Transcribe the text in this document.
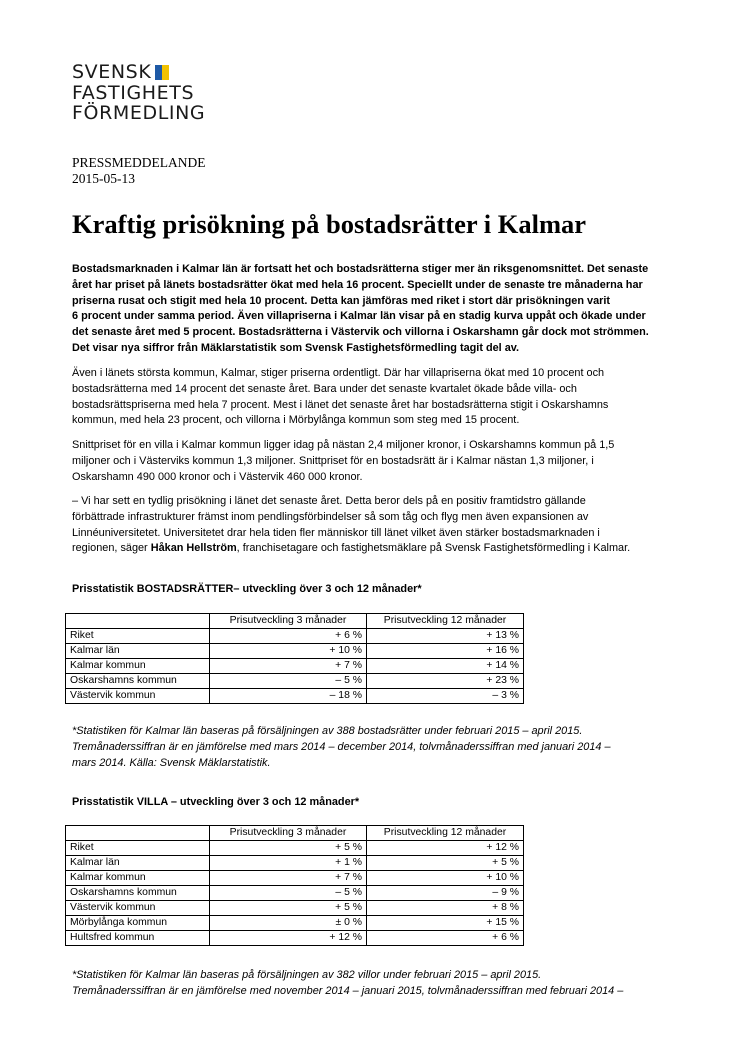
SVENSK
FASTIGHETS
FÖRMEDLING
PRESSMEDDELANDE
2015-05-13
Kraftig prisökning på bostadsrätter i Kalmar
Bostadsmarknaden i Kalmar län är fortsatt het och bostadsrätterna stiger mer än riksgenomsnittet. Det senaste
året har priset på länets bostadsrätter ökat med hela 16 procent. Speciellt under de senaste tre månaderna har
priserna rusat och stigit med hela 10 procent. Detta kan jämföras med riket i stort där prisökningen varit
6 procent under samma period. Även villapriserna i Kalmar län visar på en stadig kurva uppåt och ökade under
det senaste året med 5 procent. Bostadsrätterna i Västervik och villorna i Oskarshamn går dock mot strömmen.
Det visar nya siffror från Mäklarstatistik som Svensk Fastighetsförmedling tagit del av.
Även i länets största kommun, Kalmar, stiger priserna ordentligt. Där har villapriserna ökat med 10 procent och
bostadsrätterna med 14 procent det senaste året. Bara under det senaste kvartalet ökade både villa- och
bostadsrättspriserna med hela 7 procent. Mest i länet det senaste året har bostadsrätterna stigit i Oskarshamns
kommun, med hela 23 procent, och villorna i Mörbylånga kommun som steg med 15 procent.
Snittpriset för en villa i Kalmar kommun ligger idag på nästan 2,4 miljoner kronor, i Oskarshamns kommun på 1,5
miljoner och i Västerviks kommun 1,3 miljoner. Snittpriset för en bostadsrätt är i Kalmar nästan 1,3 miljoner, i
Oskarshamn 490 000 kronor och i Västervik 460 000 kronor.
– Vi har sett en tydlig prisökning i länet det senaste året. Detta beror dels på en positiv framtidstro gällande
förbättrade infrastrukturer främst inom pendlingsförbindelser så som tåg och flyg men även expansionen av
Linnéuniversitetet. Universitetet drar hela tiden fler människor till länet vilket även stärker bostadsmarknaden i
regionen, säger Håkan Hellström, franchisetagare och fastighetsmäklare på Svensk Fastighetsförmedling i Kalmar.

Prisstatistik BOSTADSRÄTTER– utveckling över 3 och 12 månader*

	Prisutveckling 3 månader	Prisutveckling 12 månader
Riket	+ 6 %	+ 13 %
Kalmar län	+ 10 %	+ 16 %
Kalmar kommun	+ 7 %	+ 14 %
Oskarshamns kommun	– 5 %	+ 23 %
Västervik kommun	– 18 %	– 3 %
*Statistiken för Kalmar län baseras på försäljningen av 388 bostadsrätter under februari 2015 – april 2015.
Tremånaderssiffran är en jämförelse med mars 2014 – december 2014, tolvmånaderssiffran med januari 2014 –
mars 2014. Källa: Svensk Mäklarstatistik.

Prisstatistik VILLA – utveckling över 3 och 12 månader*

	Prisutveckling 3 månader	Prisutveckling 12 månader
Riket	+ 5 %	+ 12 %
Kalmar län	+ 1 %	+ 5 %
Kalmar kommun	+ 7 %	+ 10 %
Oskarshamns kommun	– 5 %	– 9 %
Västervik kommun	+ 5 %	+ 8 %
Mörbylånga kommun	± 0 %	+ 15 %
Hultsfred kommun	+ 12 %	+ 6 %
*Statistiken för Kalmar län baseras på försäljningen av 382 villor under februari 2015 – april 2015.
Tremånaderssiffran är en jämförelse med november 2014 – januari 2015, tolvmånaderssiffran med februari 2014 –
